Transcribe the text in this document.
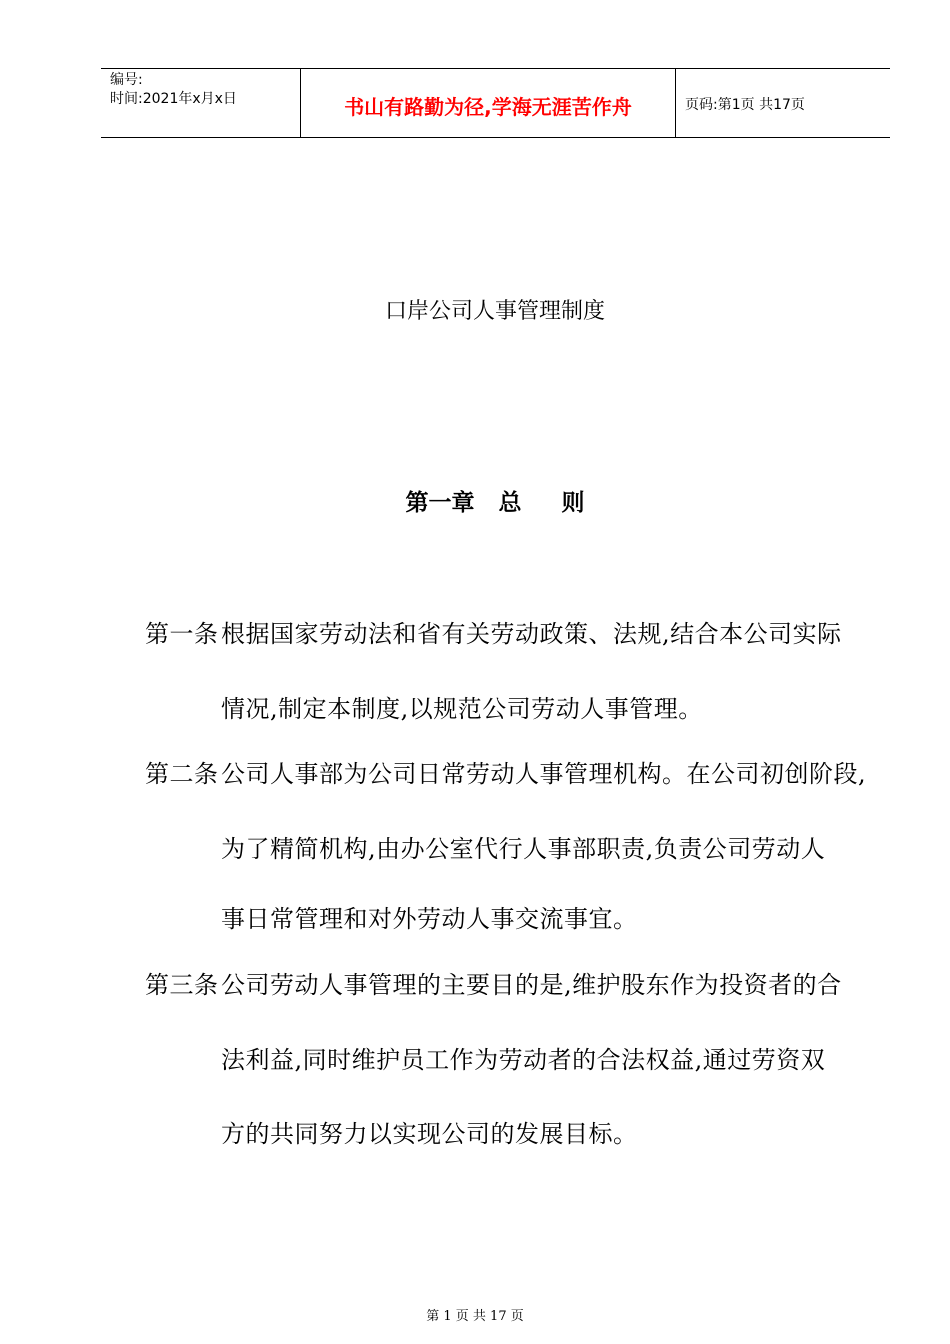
编号:
时间:2021年x月x日	书山有路勤为径,学海无涯苦作舟	页码:第1页 共17页
口岸公司人事管理制度
第一章   总     则
第一条 根据国家劳动法和省有关劳动政策、法规,结合本公司实际
情况,制定本制度,以规范公司劳动人事管理。
第二条 公司人事部为公司日常劳动人事管理机构。在公司初创阶段,
为了精简机构,由办公室代行人事部职责,负责公司劳动人
事日常管理和对外劳动人事交流事宜。
第三条 公司劳动人事管理的主要目的是,维护股东作为投资者的合
法利益,同时维护员工作为劳动者的合法权益,通过劳资双
方的共同努力以实现公司的发展目标。
第 1 页 共 17 页
